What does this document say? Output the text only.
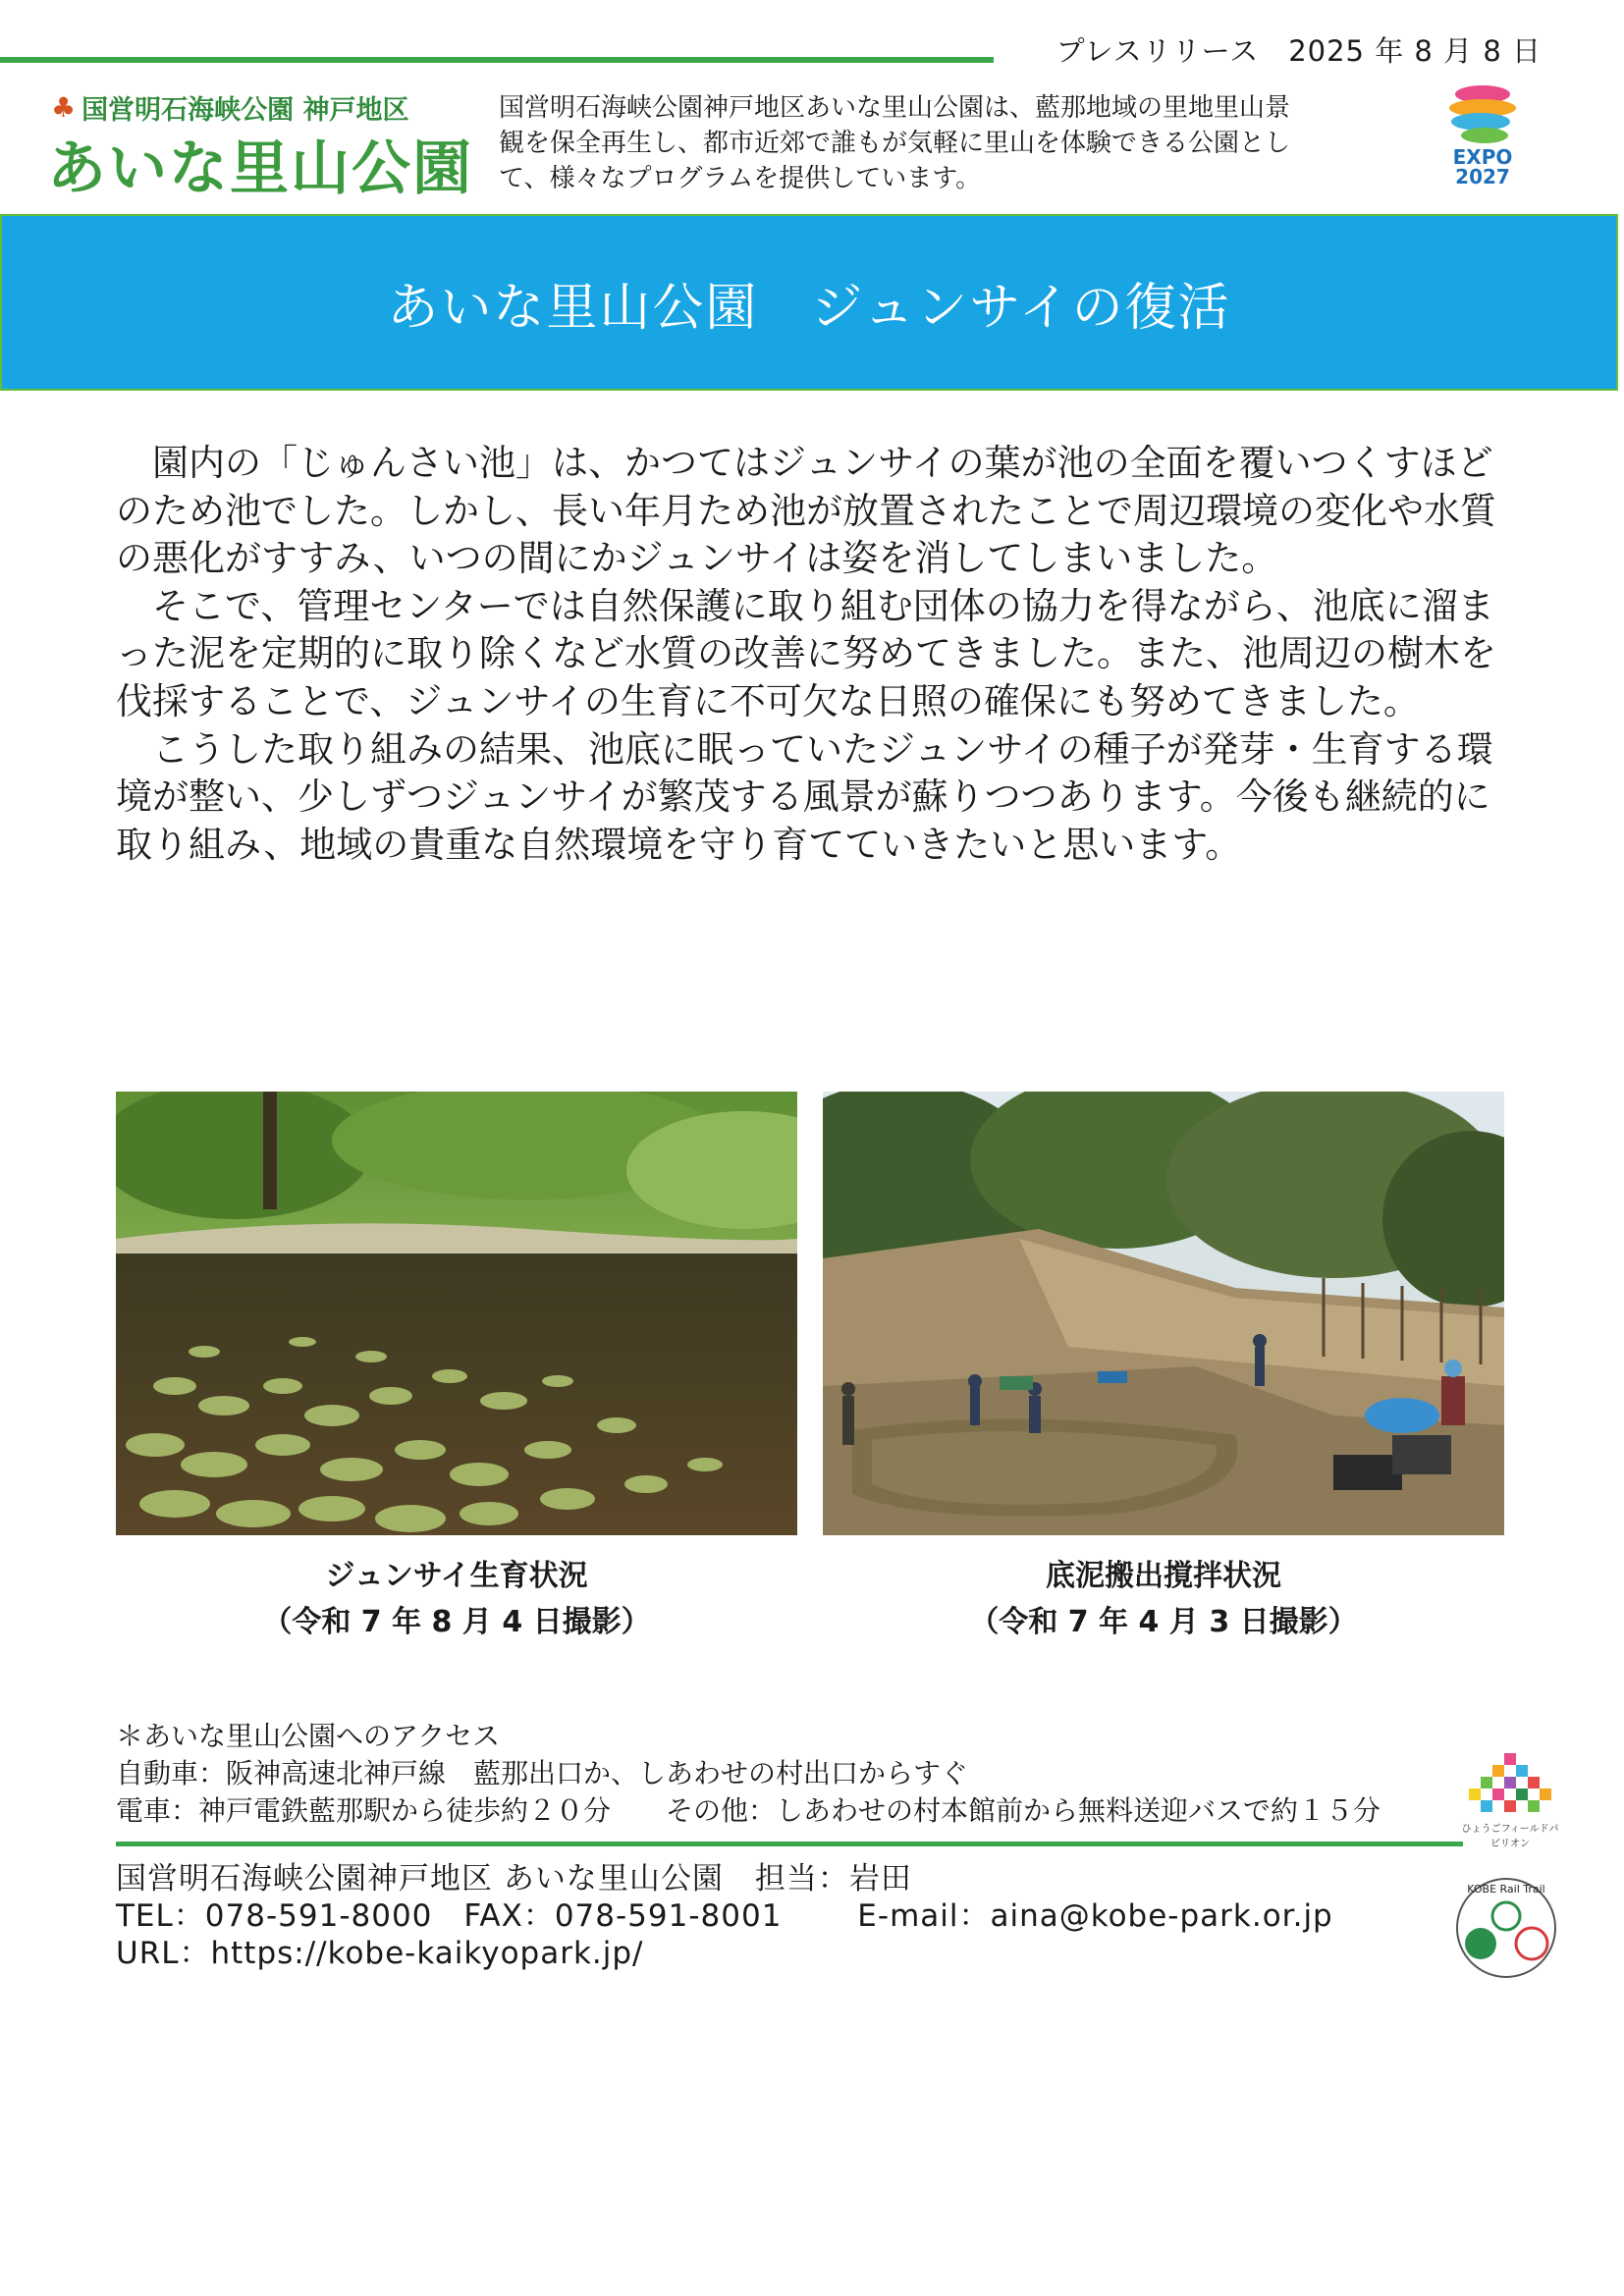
プレスリリース　2025 年 8 月 8 日
♣ 国営明石海峡公園 神戸地区
あいな里山公園
国営明石海峡公園神戸地区あいな里山公園は、藍那地域の里地里山景観を保全再生し、都市近郊で誰もが気軽に里山を体験できる公園として、様々なプログラムを提供しています。
EXPO 2027
あいな里山公園　ジュンサイの復活

園内の「じゅんさい池」は、かつてはジュンサイの葉が池の全面を覆いつくすほどのため池でした。しかし、長い年月ため池が放置されたことで周辺環境の変化や水質の悪化がすすみ、いつの間にかジュンサイは姿を消してしまいました。

そこで、管理センターでは自然保護に取り組む団体の協力を得ながら、池底に溜まった泥を定期的に取り除くなど水質の改善に努めてきました。また、池周辺の樹木を伐採することで、ジュンサイの生育に不可欠な日照の確保にも努めてきました。

こうした取り組みの結果、池底に眠っていたジュンサイの種子が発芽・生育する環境が整い、少しずつジュンサイが繁茂する風景が蘇りつつあります。今後も継続的に取り組み、地域の貴重な自然環境を守り育てていきたいと思います。

ジュンサイ生育状況
（令和 7 年 8 月 4 日撮影）
底泥搬出撹拌状況
（令和 7 年 4 月 3 日撮影）
＊あいな里山公園へのアクセス
自動車：阪神高速北神戸線　藍那出口か、しあわせの村出口からすぐ
電車：神戸電鉄藍那駅から徒歩約２０分　　その他：しあわせの村本館前から無料送迎バスで約１５分
ひょうごフィールドパビリオン
国営明石海峡公園神戸地区 あいな里山公園　担当：岩田
TEL：078-591-8000　FAX：078-591-8001 E-mail：aina@kobe-park.or.jp
URL：https://kobe-kaikyopark.jp/
KOBE Rail Trail
